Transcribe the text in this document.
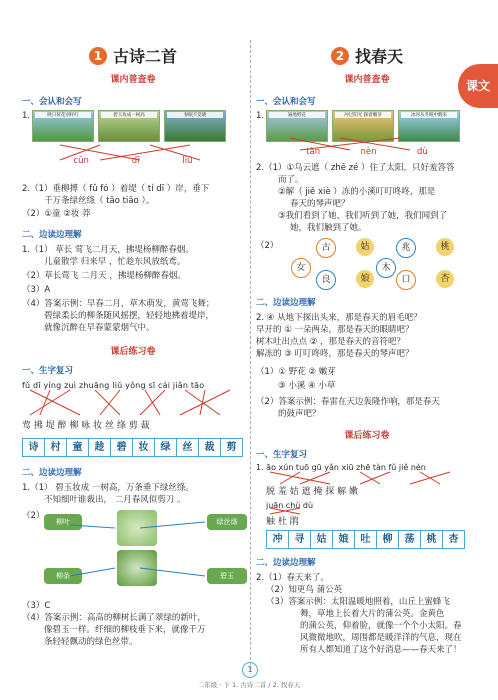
课文
1 古诗二首
课内普查卷
一、会认和会写
1.	映日荷花别样红	碧玉妆成一树高	春眠不觉晓
cūn	dī	liǔ
2.（1）垂柳搏（ fǔ fó ）着堤（ tí dī ）岸，垂下
千万条绿丝绦（ tāo tiāo ）。
（2）①童 ②妆 莽
二、边读边理解
1.（1） 草长 莺飞二月天，拂堤杨柳醉春烟。
儿童散学 归来早 ，忙趁东风放纸鸢。
（2）草长莺飞 二月天 ，拂堤杨柳醉春烟。
（3）A
（4）答案示例：早春二月，草木萌发，黄莺飞舞；
碧绿柔长的柳条随风摇摆，轻轻地拂着堤岸，
就像沉醉在早春蒙蒙烟气中。
课后练习卷
一、生字复习
fǔ dī yíng zuì zhuāng liǔ yǒng sī cái jiǎn tāo
莺 拂 堤 醉 柳 咏 妆 丝 绦 剪 裁
诗	村	童	趁	碧	妆	绿	丝	裁	剪
二、边读边理解
1.（1） 碧玉妆成 一树高，万条垂下绿丝绦。
不知细叶谁裁出， 二月春风似剪刀 。
（2）
柳叶	绿丝绦
柳条	碧玉
（3）C
（4）答案示例：高高的柳树长满了翠绿的新叶，
像碧玉一样。纤细的柳枝垂下来，就像千万
条轻轻飘动的绿色丝带。
2 找春天
课内普查卷
一、会认和会写
1.	遍地野花	冲过阳光 踩着嫩芽	冰河从冬眠中醒来
tàn	nèn	dù
2.（1）①乌云遮（ zhē zé ）住了太阳，只好羞答答
而了。
②解（ jiě xiè ）冻的小溪叮叮咚咚，那是
春天的琴声吧？
③我们看到了她，我们听到了她，我们闻到了
她，我们触到了她。
（2）	古	姑	兆	桃
女
良	娘
木
口	杏
二、边读边理解
2. ④ 从地下探出头来，那是春天的眉毛吧？
早开的 ① 一朵两朵，那是春天的眼睛吧？
树木吐出点点 ② ，那是春天的音符吧？
解冻的 ③ 叮叮咚咚，那是春天的琴声吧？
（1）① 野花 ② 嫩芽
③ 小溪 ④ 小草
（2）答案示例：春雷在天边轰隆作响，那是春天
的鼓声吧？
课后练习卷
一、生字复习
1. āo xún tuō gū yǎn xiū zhē tàn fǔ jiě nèn
脱 羞 姑 遮 掩 探 解 嫩
juān chù dù
触 杜 鹃
冲	寻	姑	娘	吐	柳	荡	桃	杏
二、边读边理解
2.（1）春天来了。
（2）知更鸟 蒲公英
（3）答案示例：太阳温暖地照着，山丘上蜜蜂飞
舞，草地上长着大片的蒲公英。金黄色
的蒲公英，仰着脸，就像一个个小太阳。春
风微微地吹，周围都是暖洋洋的气息，现在
所有人都知道了这个好消息——春天来了！
1
二年级 · 下 1. 古诗二首 / 2. 找春天
